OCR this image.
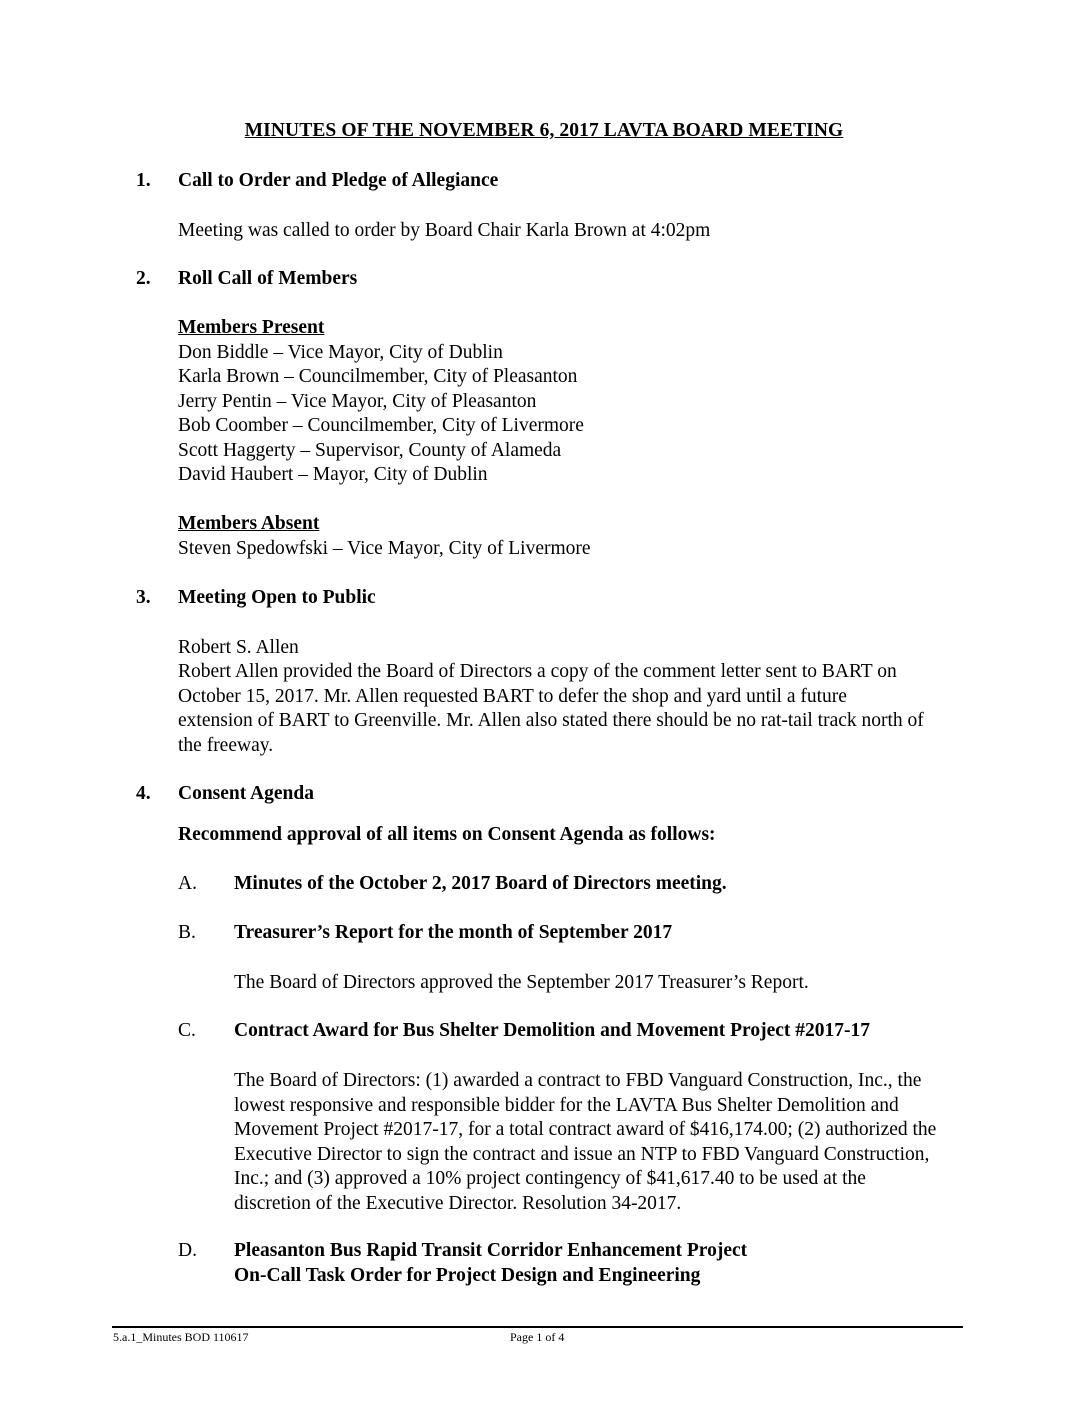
MINUTES OF THE NOVEMBER 6, 2017 LAVTA BOARD MEETING
1. Call to Order and Pledge of Allegiance
Meeting was called to order by Board Chair Karla Brown at 4:02pm
2. Roll Call of Members
Members Present
Don Biddle – Vice Mayor, City of Dublin
Karla Brown – Councilmember, City of Pleasanton
Jerry Pentin – Vice Mayor, City of Pleasanton
Bob Coomber – Councilmember, City of Livermore
Scott Haggerty – Supervisor, County of Alameda
David Haubert – Mayor, City of Dublin
Members Absent
Steven Spedowfski – Vice Mayor, City of Livermore
3. Meeting Open to Public
Robert S. Allen
Robert Allen provided the Board of Directors a copy of the comment letter sent to BART on
October 15, 2017. Mr. Allen requested BART to defer the shop and yard until a future
extension of BART to Greenville. Mr. Allen also stated there should be no rat-tail track north of
the freeway.
4. Consent Agenda
Recommend approval of all items on Consent Agenda as follows:
A. Minutes of the October 2, 2017 Board of Directors meeting.
B. Treasurer’s Report for the month of September 2017
The Board of Directors approved the September 2017 Treasurer’s Report.
C. Contract Award for Bus Shelter Demolition and Movement Project #2017-17
The Board of Directors: (1) awarded a contract to FBD Vanguard Construction, Inc., the
lowest responsive and responsible bidder for the LAVTA Bus Shelter Demolition and
Movement Project #2017-17, for a total contract award of $416,174.00; (2) authorized the
Executive Director to sign the contract and issue an NTP to FBD Vanguard Construction,
Inc.; and (3) approved a 10% project contingency of $41,617.40 to be used at the
discretion of the Executive Director. Resolution 34-2017.
D. Pleasanton Bus Rapid Transit Corridor Enhancement Project
On-Call Task Order for Project Design and Engineering
5.a.1_Minutes BOD 110617	Page 1 of 4
